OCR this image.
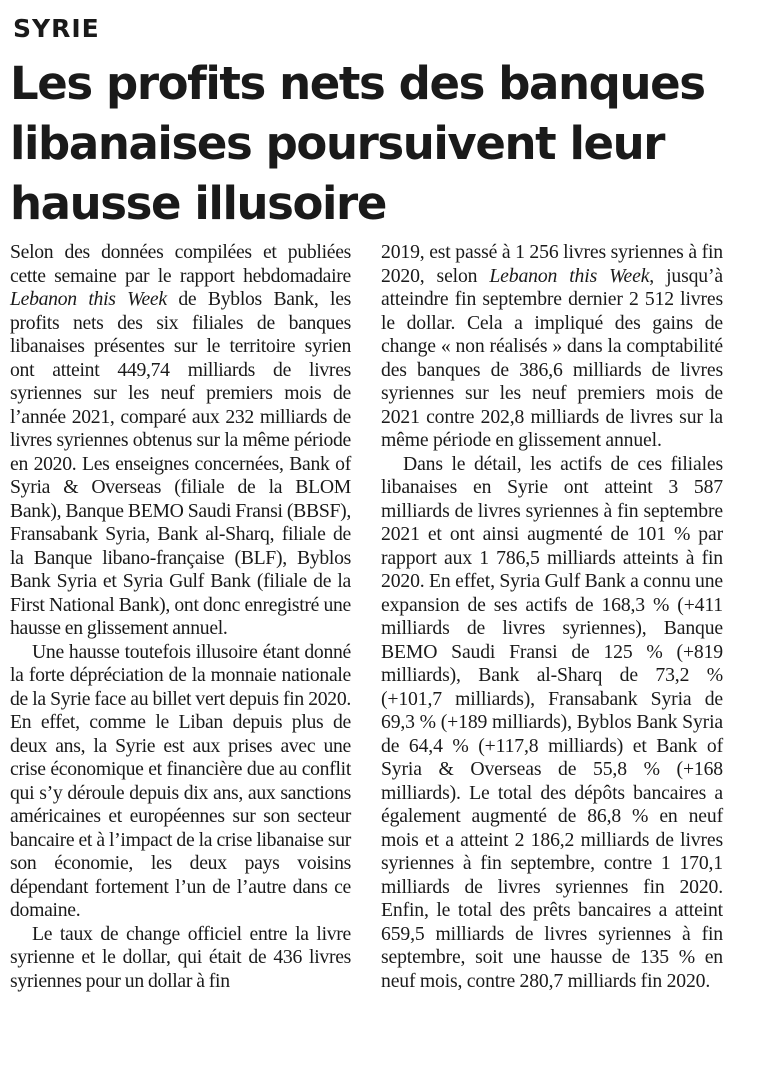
SYRIE
Les profits nets des banques libanaises poursuivent leur hausse illusoire

Selon des données compilées et publiées cette semaine par le rapport hebdomadaire Lebanon this Week de Byblos Bank, les profits nets des six filiales de banques libanaises présentes sur le territoire syrien ont atteint 449,74 milliards de livres syriennes sur les neuf premiers mois de l’année 2021, comparé aux 232 milliards de livres syriennes obtenus sur la même période en 2020. Les enseignes concernées, Bank of Syria & Overseas (filiale de la BLOM Bank), Banque BEMO Saudi Fransi (BBSF), Fransabank Syria, Bank al-Sharq, filiale de la Banque libano-française (BLF), Byblos Bank Syria et Syria Gulf Bank (filiale de la First National Bank), ont donc enregistré une hausse en glissement annuel.

Une hausse toutefois illusoire étant donné la forte dépréciation de la monnaie nationale de la Syrie face au billet vert depuis fin 2020. En effet, comme le Liban depuis plus de deux ans, la Syrie est aux prises avec une crise économique et financière due au conflit qui s’y déroule depuis dix ans, aux sanctions américaines et européennes sur son secteur bancaire et à l’impact de la crise libanaise sur son économie, les deux pays voisins dépendant fortement l’un de l’autre dans ce domaine.

Le taux de change officiel entre la livre syrienne et le dollar, qui était de 436 livres syriennes pour un dollar à fin

2019, est passé à 1 256 livres syriennes à fin 2020, selon Lebanon this Week, jusqu’à atteindre fin septembre dernier 2 512 livres le dollar. Cela a impliqué des gains de change « non réalisés » dans la comptabilité des banques de 386,6 milliards de livres syriennes sur les neuf premiers mois de 2021 contre 202,8 milliards de livres sur la même période en glissement annuel.

Dans le détail, les actifs de ces filiales libanaises en Syrie ont atteint 3 587 milliards de livres syriennes à fin septembre 2021 et ont ainsi augmenté de 101 % par rapport aux 1 786,5 milliards atteints à fin 2020. En effet, Syria Gulf Bank a connu une expansion de ses actifs de 168,3 % (+411 milliards de livres syriennes), Banque BEMO Saudi Fransi de 125 % (+819 milliards), Bank al-Sharq de 73,2 % (+101,7 milliards), Fransabank Syria de 69,3 % (+189 milliards), Byblos Bank Syria de 64,4 % (+117,8 milliards) et Bank of Syria & Overseas de 55,8 % (+168 milliards). Le total des dépôts bancaires a également augmenté de 86,8 % en neuf mois et a atteint 2 186,2 milliards de livres syriennes à fin septembre, contre 1 170,1 milliards de livres syriennes fin 2020. Enfin, le total des prêts bancaires a atteint 659,5 milliards de livres syriennes à fin septembre, soit une hausse de 135 % en neuf mois, contre 280,7 milliards fin 2020.
